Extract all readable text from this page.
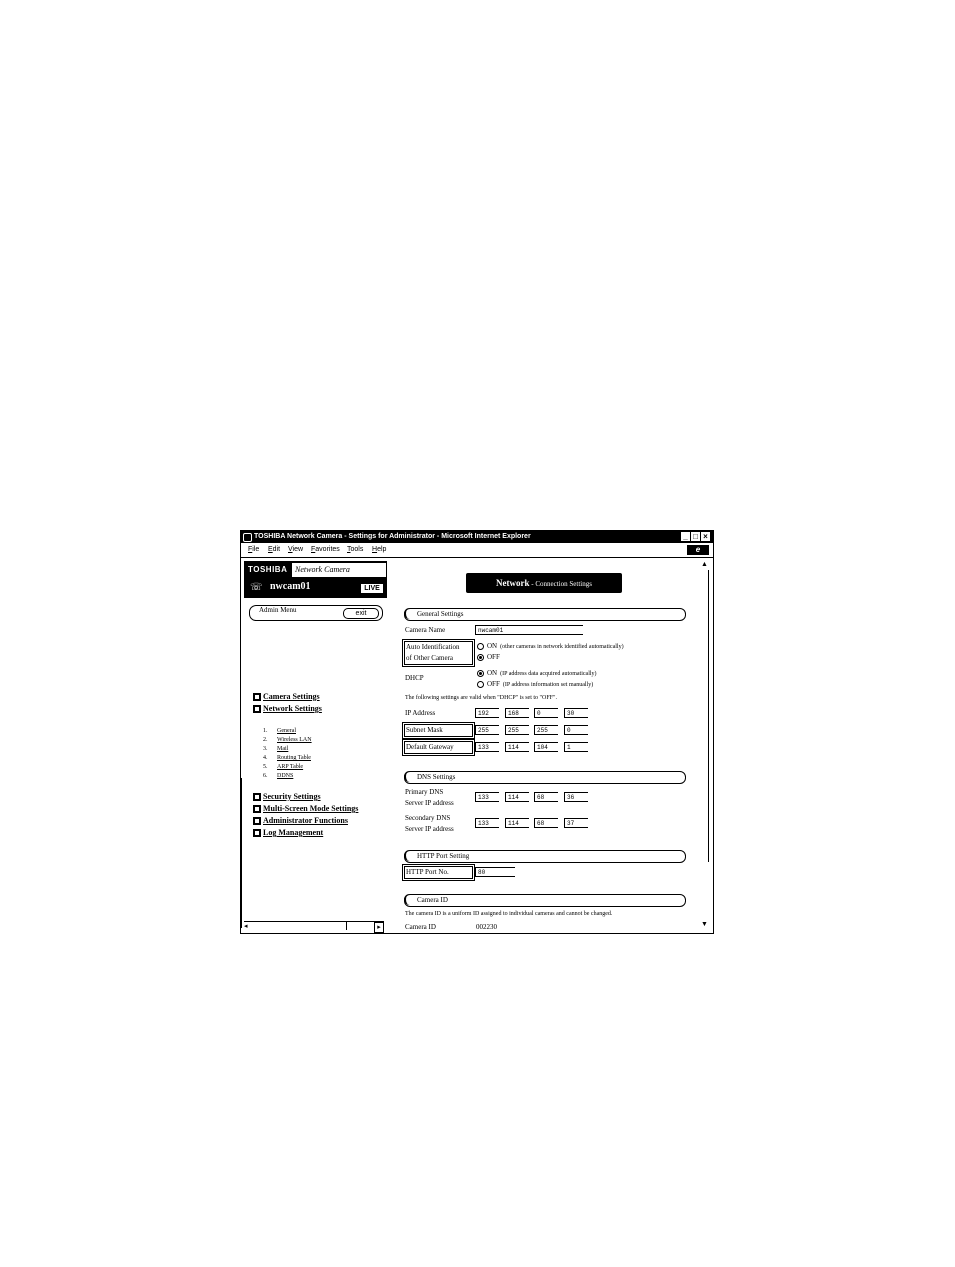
TOSHIBA Network Camera - Settings for Administrator - Microsoft Internet Explorer	_ □ ×
File Edit View Favorites Tools Help	e
TOSHIBA Network Camera
☏ nwcam01	LIVE
Admin Menu	exit
Camera Settings
Network Settings
1. General
2. Wireless LAN
3. Mail
4. Routing Table
5. ARP Table
6. DDNS
Security Settings
Multi-Screen Mode Settings
Administrator Functions
Log Management
◂	▸
▲
▼
Network - Connection Settings
General Settings
Camera Name	nwcam01
Auto Identification
of Other Camera
ON (other cameras in network identified automatically)
OFF
DHCP
ON (IP address data acquired automatically)
OFF (IP address information set manually)
The following settings are valid when "DHCP" is set to "OFF".
IP Address	192	168	0	30
Subnet Mask	255	255	255	0
Default Gateway	133	114	104	1
DNS Settings
Primary DNS
Server IP address
133	114	68	36
Secondary DNS
Server IP address
133	114	68	37
HTTP Port Setting
HTTP Port No.	80
Camera ID
The camera ID is a uniform ID assigned to individual cameras and cannot be changed.
Camera ID	002230
